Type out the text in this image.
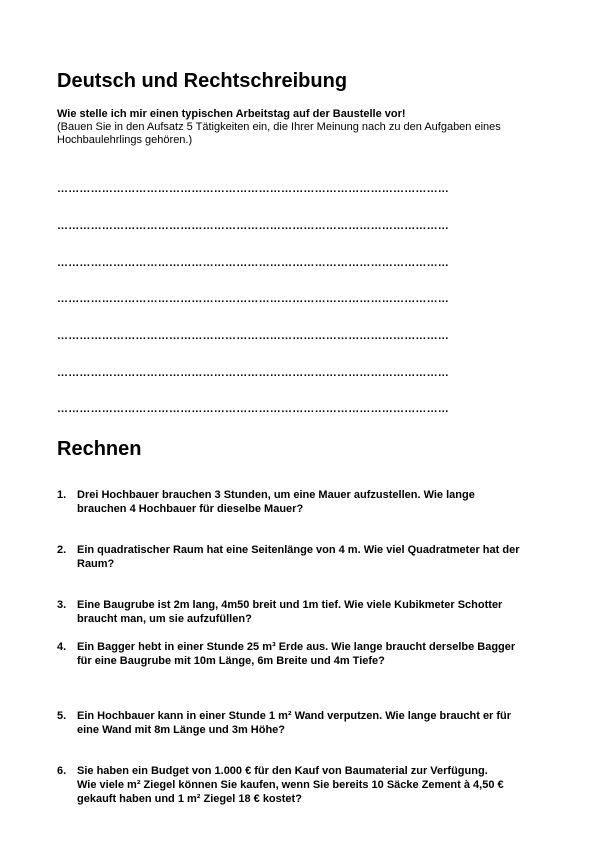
Deutsch und Rechtschreibung
Wie stelle ich mir einen typischen Arbeitstag auf der Baustelle vor!
(Bauen Sie in den Aufsatz 5 Tätigkeiten ein, die Ihrer Meinung nach zu den Aufgaben eines Hochbaulehrlings gehören.)
……………………………………………………………………………………………
……………………………………………………………………………………………
……………………………………………………………………………………………
……………………………………………………………………………………………
……………………………………………………………………………………………
……………………………………………………………………………………………
……………………………………………………………………………………………
Rechnen
1. Drei Hochbauer brauchen 3 Stunden, um eine Mauer aufzustellen. Wie lange brauchen 4 Hochbauer für dieselbe Mauer?
2. Ein quadratischer Raum hat eine Seitenlänge von 4 m. Wie viel Quadratmeter hat der Raum?
3. Eine Baugrube ist 2m lang, 4m50 breit und 1m tief. Wie viele Kubikmeter Schotter braucht man, um sie aufzufüllen?
4. Ein Bagger hebt in einer Stunde 25 m³ Erde aus. Wie lange braucht derselbe Bagger für eine Baugrube mit 10m Länge, 6m Breite und 4m Tiefe?
5. Ein Hochbauer kann in einer Stunde 1 m² Wand verputzen. Wie lange braucht er für eine Wand mit 8m Länge und 3m Höhe?
6. Sie haben ein Budget von 1.000 € für den Kauf von Baumaterial zur Verfügung.
Wie viele m² Ziegel können Sie kaufen, wenn Sie bereits 10 Säcke Zement à 4,50 € gekauft haben und 1 m² Ziegel 18 € kostet?
